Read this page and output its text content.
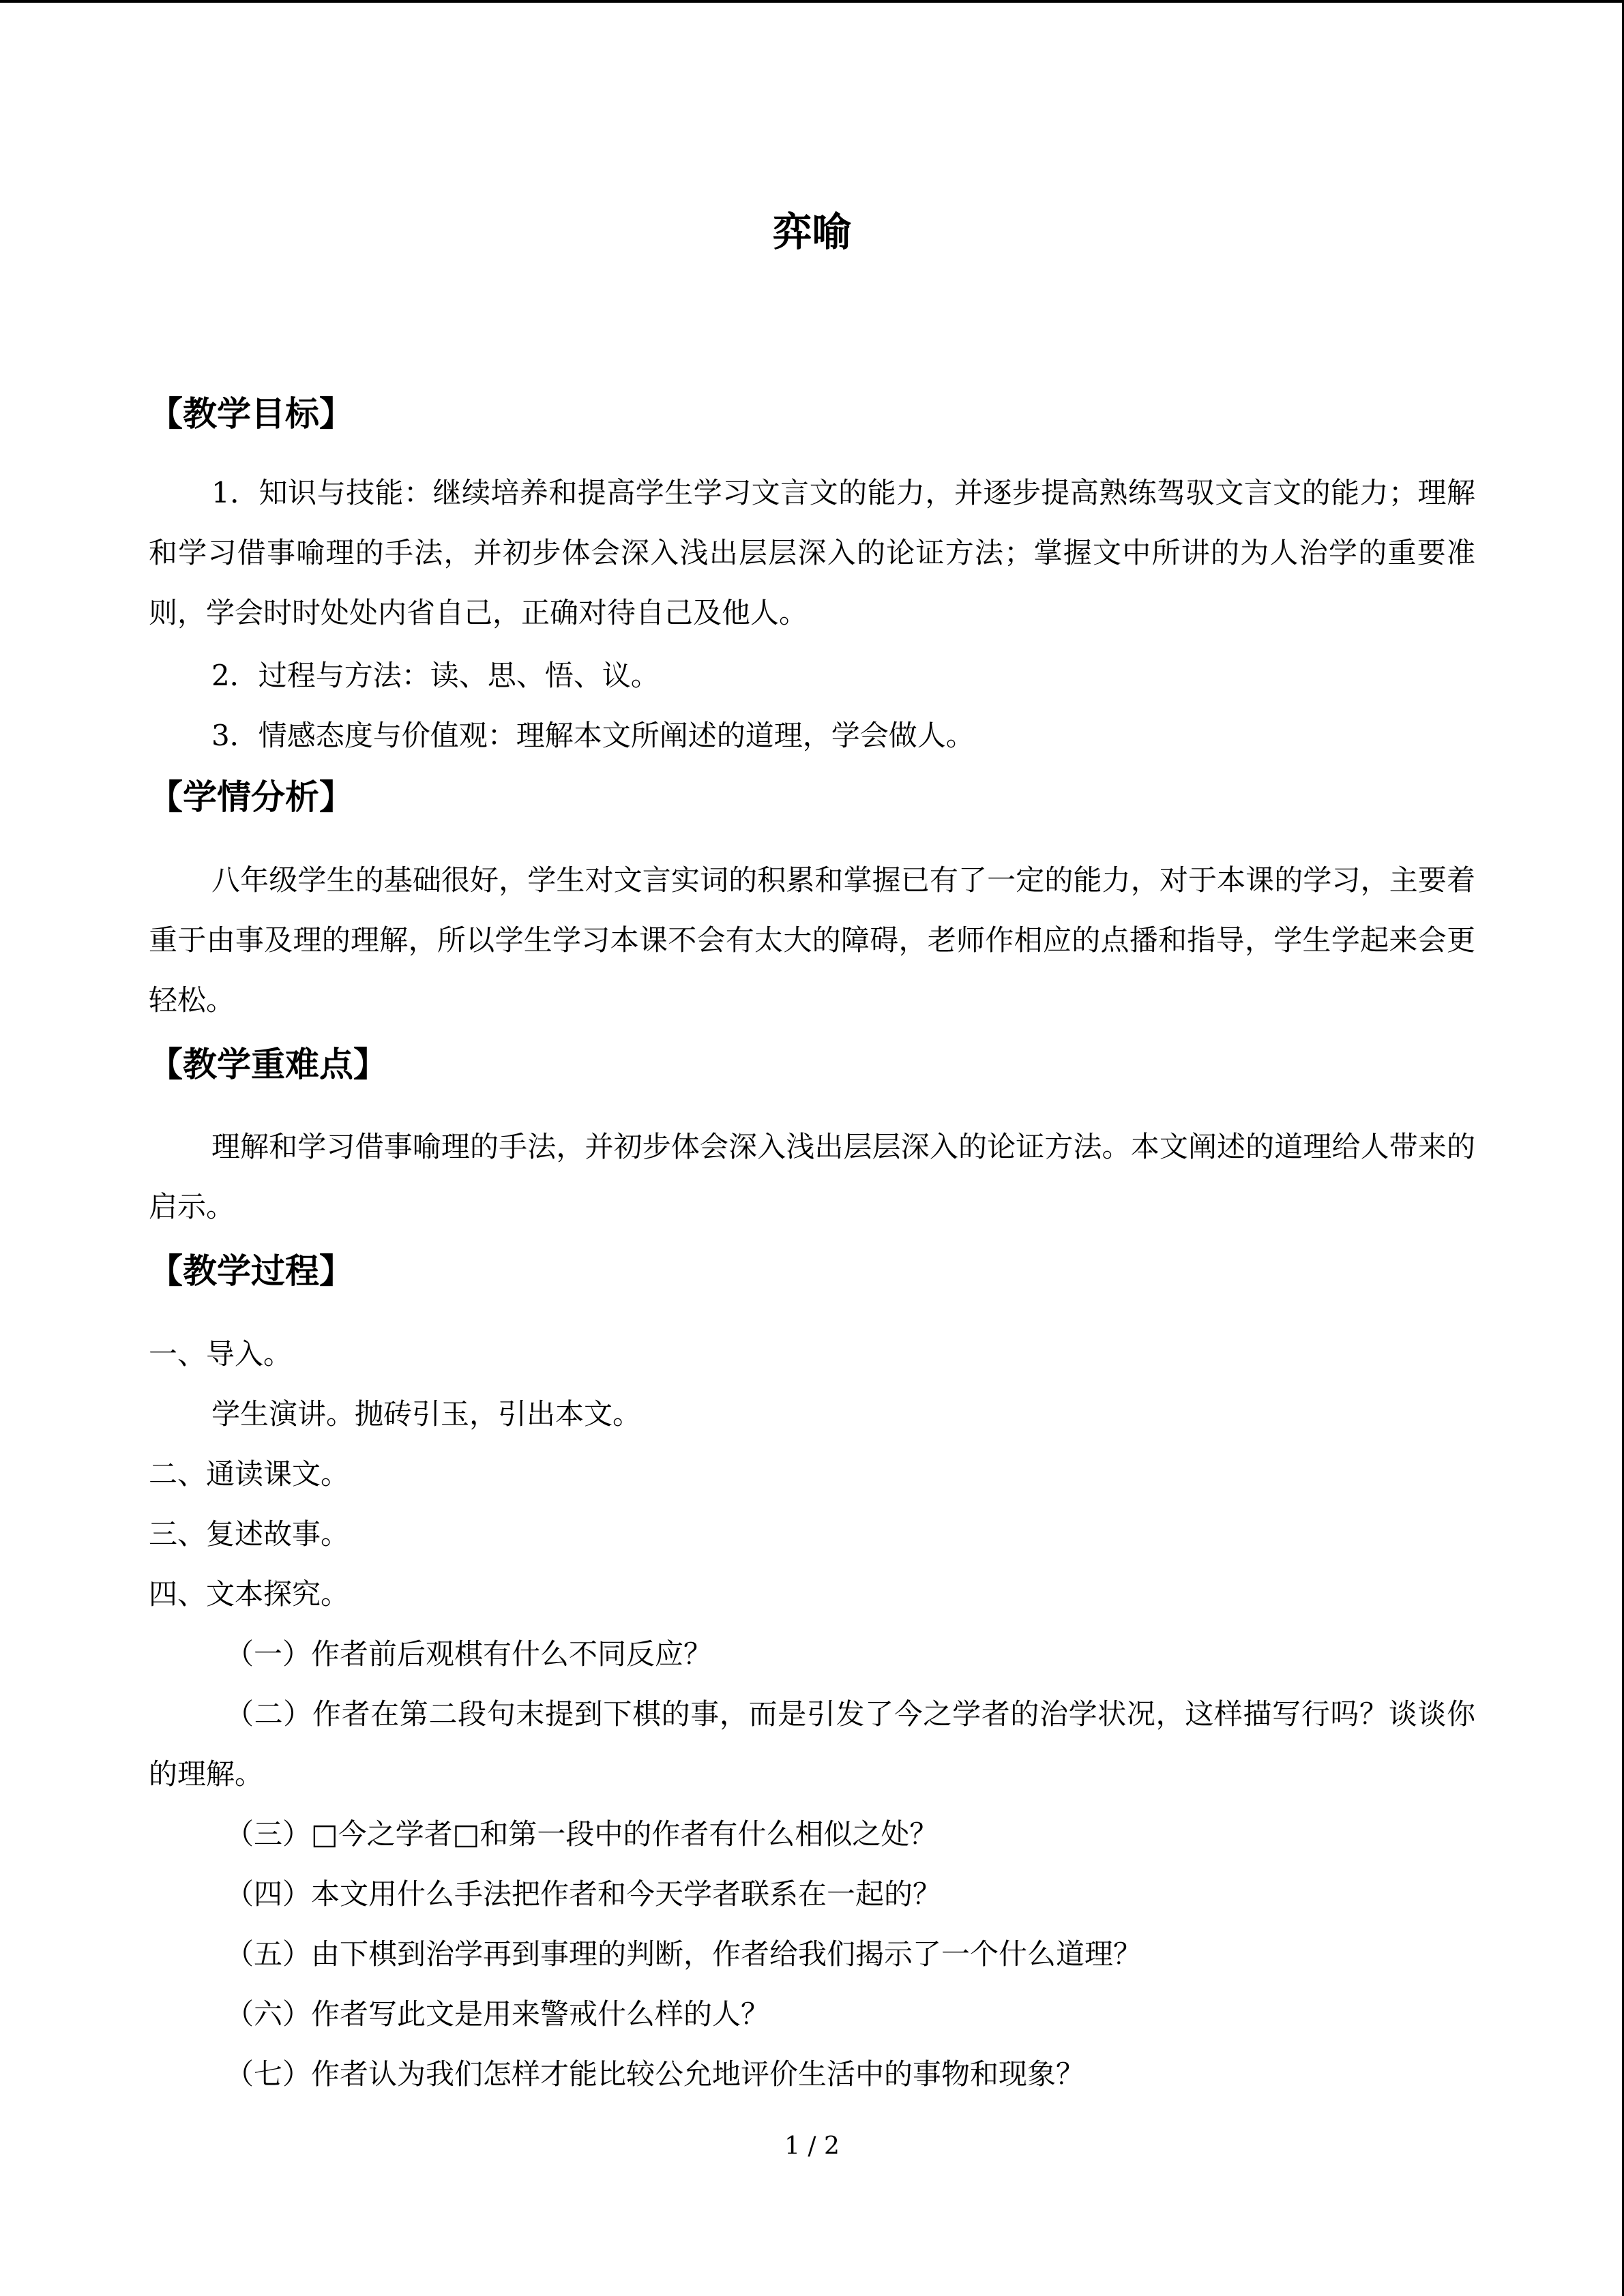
弈喻
【教学目标】
1．知识与技能：继续培养和提高学生学习文言文的能力，并逐步提高熟练驾驭文言文的能力；理解和学习借事喻理的手法，并初步体会深入浅出层层深入的论证方法；掌握文中所讲的为人治学的重要准则，学会时时处处内省自己，正确对待自己及他人。
2．过程与方法：读、思、悟、议。
3．情感态度与价值观：理解本文所阐述的道理，学会做人。
【学情分析】
八年级学生的基础很好，学生对文言实词的积累和掌握已有了一定的能力，对于本课的学习，主要着重于由事及理的理解，所以学生学习本课不会有太大的障碍，老师作相应的点播和指导，学生学起来会更轻松。
【教学重难点】
理解和学习借事喻理的手法，并初步体会深入浅出层层深入的论证方法。本文阐述的道理给人带来的启示。
【教学过程】
一、导入。
学生演讲。抛砖引玉，引出本文。
二、通读课文。
三、复述故事。
四、文本探究。
（一）作者前后观棋有什么不同反应？
（二）作者在第二段句末提到下棋的事，而是引发了今之学者的治学状况，这样描写行吗？谈谈你的理解。
（三）□今之学者□和第一段中的作者有什么相似之处？
（四）本文用什么手法把作者和今天学者联系在一起的？
（五）由下棋到治学再到事理的判断，作者给我们揭示了一个什么道理？
（六）作者写此文是用来警戒什么样的人？
（七）作者认为我们怎样才能比较公允地评价生活中的事物和现象？
1 / 2
